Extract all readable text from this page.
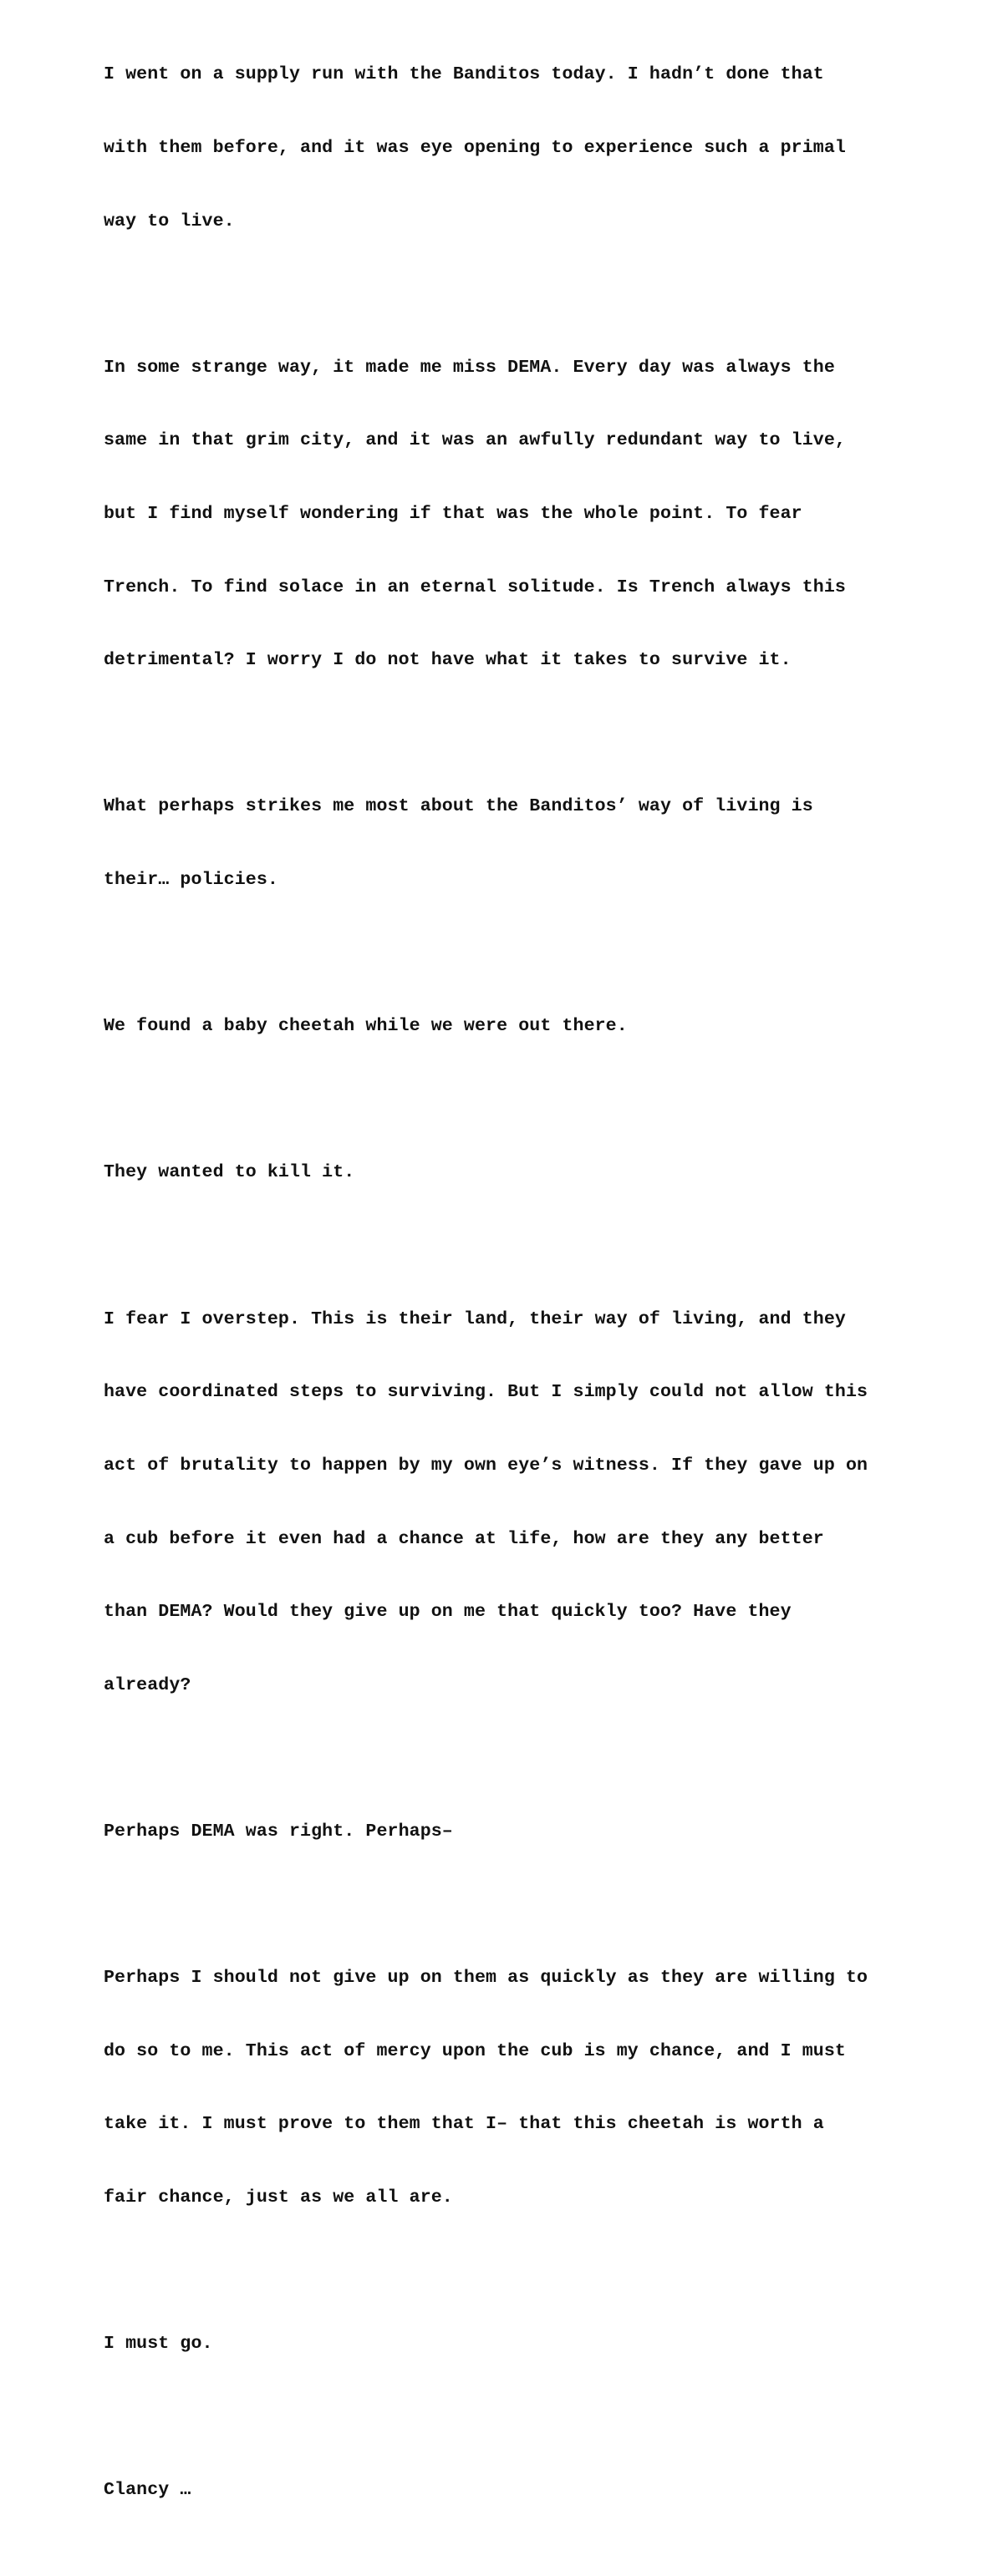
I went on a supply run with the Banditos today. I hadn’t done that

with them before, and it was eye opening to experience such a primal

way to live.

In some strange way, it made me miss DEMA. Every day was always the

same in that grim city, and it was an awfully redundant way to live,

but I find myself wondering if that was the whole point. To fear

Trench. To find solace in an eternal solitude. Is Trench always this

detrimental? I worry I do not have what it takes to survive it.

What perhaps strikes me most about the Banditos’ way of living is

their… policies.

We found a baby cheetah while we were out there.

They wanted to kill it.

I fear I overstep. This is their land, their way of living, and they

have coordinated steps to surviving. But I simply could not allow this

act of brutality to happen by my own eye’s witness. If they gave up on

a cub before it even had a chance at life, how are they any better

than DEMA? Would they give up on me that quickly too? Have they

already?

Perhaps DEMA was right. Perhaps–

Perhaps I should not give up on them as quickly as they are willing to

do so to me. This act of mercy upon the cub is my chance, and I must

take it. I must prove to them that I– that this cheetah is worth a

fair chance, just as we all are.

I must go.

Clancy …
